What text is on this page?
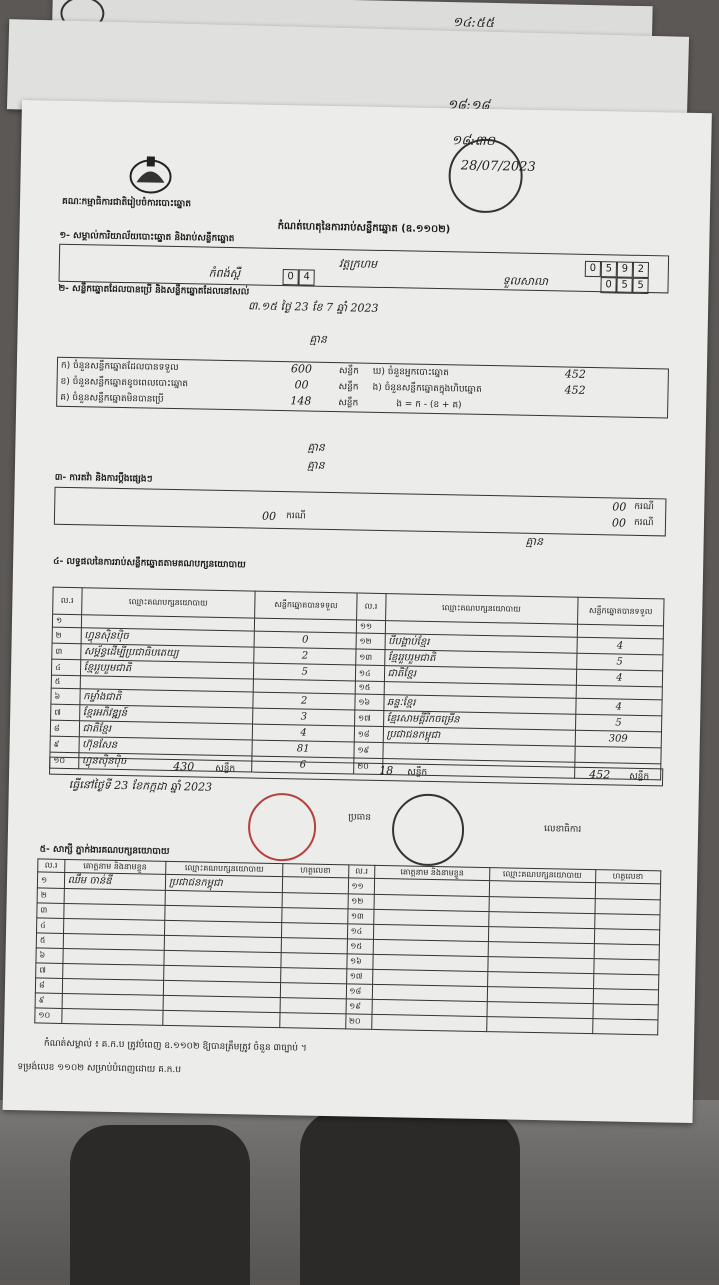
១៤:៥៥
១៨:១៨
គណៈកម្មាធិការជាតិរៀបចំការបោះឆ្នោត
១៨:៣០
28/07/2023
កំណត់ហេតុនៃការរាប់សន្លឹកឆ្នោត (ឧ.១១០២)
១- សម្គាល់ការិយាល័យបោះឆ្នោត និងរាប់សន្លឹកឆ្នោត
កំពង់ស្ពឺ	0 4
វត្តក្រហម	0 5 9 2
0 5 5
ទួលសាលា
២- សន្លឹកឆ្នោតដែលបានប្រើ និងសន្លឹកឆ្នោតដែលនៅសល់
៣.១៥ ថ្ងៃ 23 ខែ 7 ឆ្នាំ 2023
គ្មាន
ក) ចំនួនសន្លឹកឆ្នោតដែលបានទទួល	600	សន្លឹក
ខ) ចំនួនសន្លឹកឆ្នោតខូចពេលបោះឆ្នោត	00	សន្លឹក
គ) ចំនួនសន្លឹកឆ្នោតមិនបានប្រើ	148	សន្លឹក
ឃ) ចំនួនអ្នកបោះឆ្នោត	452
ង) ចំនួនសន្លឹកឆ្នោតក្នុងហិបឆ្នោត	452
ង = ក - (ខ + គ)
គ្មាន
គ្មាន
៣- ការតវ៉ា និងការប្ដឹងផ្សេងៗ
00 ករណី
00 ករណី
00 ករណី
គ្មាន
៤- លទ្ធផលនៃការរាប់សន្លឹកឆ្នោតតាមគណបក្សនយោបាយ
ល.រ	ឈ្មោះគណបក្សនយោបាយ	សន្លឹកឆ្នោតបានទទួល	ល.រ	ឈ្មោះគណបក្សនយោបាយ	សន្លឹកឆ្នោតបានទទួល
១			១១		
២	ហ្វុនស៊ិនប៉ិច	0	១២	បីបង្គាប់ខ្មែរ	4
៣	សម្ព័ន្ធដើម្បីប្រជាធិបតេយ្យ	2	១៣	ខ្មែររួបរួមជាតិ	5
៤	ខ្មែររួបរួមជាតិ	5	១៤	ជាតិខ្មែរ	4
៥			១៥		
៦	កម្លាំងជាតិ	2	១៦	ឆន្ទៈខ្មែរ	4
៧	ខ្មែរអភិវឌ្ឍន៍	3	១៧	ខ្មែរសាមគ្គីរីកចម្រើន	5
៨	ជាតិខ្មែរ	4	១៨	ប្រជាជនកម្ពុជា	309
៩	ហ៊ុនសែន	81	១៩		
១០	ហ្វុនស៊ិនប៉ិច	6	២០		
430 សន្លឹក	18 សន្លឹក	452 សន្លឹក
ធ្វើនៅថ្ងៃទី 23 ខែកក្កដា ឆ្នាំ 2023
ប្រធាន
លេខាធិការ
៥- សាក្សី ភ្នាក់ងារគណបក្សនយោបាយ
ល.រ	គោត្តនាម និងនាមខ្លួន	ឈ្មោះគណបក្សនយោបាយ	ហត្ថលេខា	ល.រ	គោត្តនាម និងនាមខ្លួន	ឈ្មោះគណបក្សនយោបាយ	ហត្ថលេខា
១	ឈឹម ចាន់ឌី	ប្រជាជនកម្ពុជា		១១			
២				១២			
៣				១៣			
៤				១៤			
៥				១៥			
៦				១៦			
៧				១៧			
៨				១៨			
៩				១៩			
១០				២០			
កំណត់សម្គាល់ ៖ គ.ក.ប ត្រូវបំពេញ ឧ.១១០២ ឱ្យបានត្រឹមត្រូវ ចំនួន ៣ច្បាប់ ។
ទម្រង់លេខ ១១០២ សម្រាប់បំពេញដោយ គ.ក.ប
